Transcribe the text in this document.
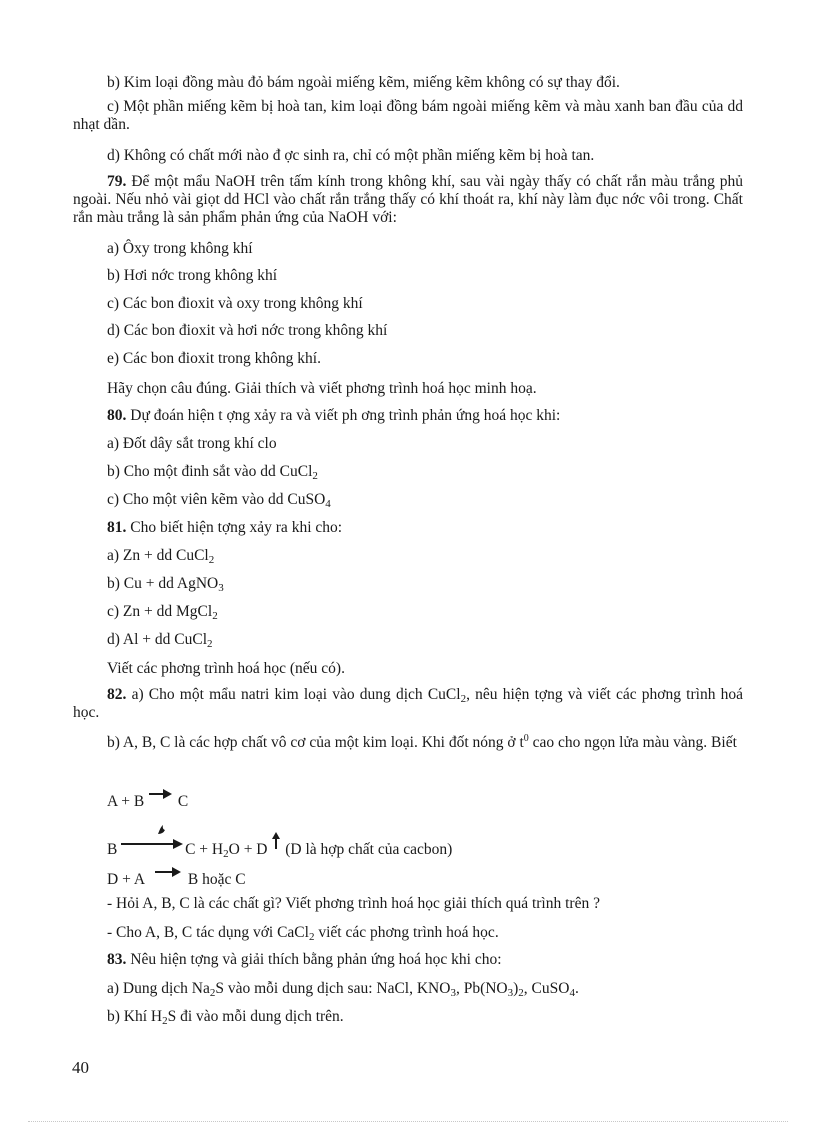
b) Kim loại đồng màu đỏ bám ngoài miếng kẽm, miếng kẽm không có sự thay đổi.
c) Một phần miếng kẽm bị hoà tan, kim loại đồng bám ngoài miếng kẽm và màu xanh ban đầu của dd nhạt dần.
d) Không có chất mới nào đ ợc sinh ra, chỉ có một phần miếng kẽm bị hoà tan.
79. Để một mẩu NaOH trên tấm kính trong không khí, sau vài ngày thấy có chất rắn màu trắng phủ ngoài. Nếu nhỏ vài giọt dd HCl vào chất rắn trắng thấy có khí thoát ra, khí này làm đục nớc vôi trong. Chất rắn màu trắng là sản phẩm phản ứng của NaOH với:
a) Ôxy trong không khí
b) Hơi nớc trong không khí
c) Các bon đioxit và oxy trong không khí
d) Các bon đioxit và hơi nớc trong không khí
e) Các bon đioxit trong không khí.
Hãy chọn câu đúng. Giải thích và viết phơng trình hoá học minh hoạ.
80. Dự đoán hiện t ợng xảy ra và viết ph ơng trình phản ứng hoá học khi:
a) Đốt dây sắt trong khí clo
b) Cho một đinh sắt vào dd CuCl$_2$
c) Cho một viên kẽm vào dd CuSO$_4$
81. Cho biết hiện tợng xảy ra khi cho:
a) Zn + dd CuCl$_2$
b) Cu + dd AgNO$_3$
c) Zn + dd MgCl$_2$
d) Al + dd CuCl$_2$
Viết các phơng trình hoá học (nếu có).
82. a) Cho một mẩu natri kim loại vào dung dịch CuCl$_2$, nêu hiện tợng và viết các phơng trình hoá học.
b) A, B, C là các hợp chất vô cơ của một kim loại. Khi đốt nóng ở $t^0$ cao cho ngọn lửa màu vàng. Biết
A + B C
B	$C + H_2O + D$ (D là hợp chất của cacbon)
D + A	B hoặc C
- Hỏi A, B, C là các chất gì? Viết phơng trình hoá học giải thích quá trình trên ?
- Cho A, B, C tác dụng với CaCl$_2$ viết các phơng trình hoá học.
83. Nêu hiện tợng và giải thích bằng phản ứng hoá học khi cho:
a) Dung dịch $Na_2S$ vào mỗi dung dịch sau: NaCl, $KNO_3$, $Pb(NO_3)_2$, CuSO$_4$.
b) Khí $H_2S$ đi vào mỗi dung dịch trên.
40
